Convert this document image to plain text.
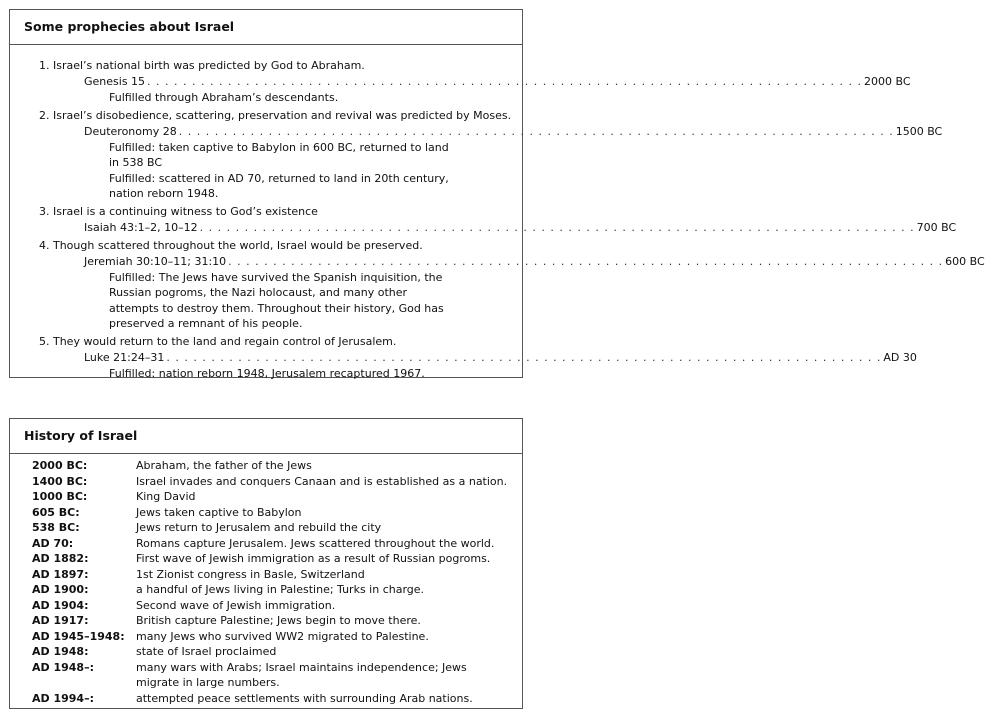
Some prophecies about Israel
1. Israel’s national birth was predicted by God to Abraham.
Genesis 15 . . . . . . . . . . . . . . . . . . . . . . . . . . . . . . . . . . . . . . . . . . . . . . . . . . . . . . . . . . . . . . . . . . . . . . . . . . . . . . . . 2000 BC

Fulfilled through Abraham’s descendants.

2. Israel’s disobedience, scattering, preservation and revival was predicted by Moses.
Deuteronomy 28 . . . . . . . . . . . . . . . . . . . . . . . . . . . . . . . . . . . . . . . . . . . . . . . . . . . . . . . . . . . . . . . . . . . . . . . . . . . . . . . . 1500 BC

Fulfilled: taken captive to Babylon in 600 BC, returned to land in 538 BC

Fulfilled: scattered in AD 70, returned to land in 20th century, nation reborn 1948.

3. Israel is a continuing witness to God’s existence
Isaiah 43:1–2, 10–12 . . . . . . . . . . . . . . . . . . . . . . . . . . . . . . . . . . . . . . . . . . . . . . . . . . . . . . . . . . . . . . . . . . . . . . . . . . . . . . . . 700 BC
4. Though scattered throughout the world, Israel would be preserved.
Jeremiah 30:10–11; 31:10 . . . . . . . . . . . . . . . . . . . . . . . . . . . . . . . . . . . . . . . . . . . . . . . . . . . . . . . . . . . . . . . . . . . . . . . . . . . . . . . . 600 BC

Fulfilled: The Jews have survived the Spanish inquisition, the Russian pogroms, the Nazi holocaust, and many other attempts to destroy them. Throughout their history, God has preserved a remnant of his people.

5. They would return to the land and regain control of Jerusalem.
Luke 21:24–31 . . . . . . . . . . . . . . . . . . . . . . . . . . . . . . . . . . . . . . . . . . . . . . . . . . . . . . . . . . . . . . . . . . . . . . . . . . . . . . . . AD 30

Fulfilled: nation reborn 1948, Jerusalem recaptured 1967.

History of Israel
2000 BC:	Abraham, the father of the Jews
1400 BC:	Israel invades and conquers Canaan and is established as a nation.
1000 BC:	King David
605 BC:	Jews taken captive to Babylon
538 BC:	Jews return to Jerusalem and rebuild the city
AD 70:	Romans capture Jerusalem. Jews scattered throughout the world.
AD 1882:	First wave of Jewish immigration as a result of Russian pogroms.
AD 1897:	1st Zionist congress in Basle, Switzerland
AD 1900:	a handful of Jews living in Palestine; Turks in charge.
AD 1904:	Second wave of Jewish immigration.
AD 1917:	British capture Palestine; Jews begin to move there.
AD 1945–1948:	many Jews who survived WW2 migrated to Palestine.
AD 1948:	state of Israel proclaimed
AD 1948–:	many wars with Arabs; Israel maintains independence; Jews migrate in large numbers.
AD 1994–:	attempted peace settlements with surrounding Arab nations.
